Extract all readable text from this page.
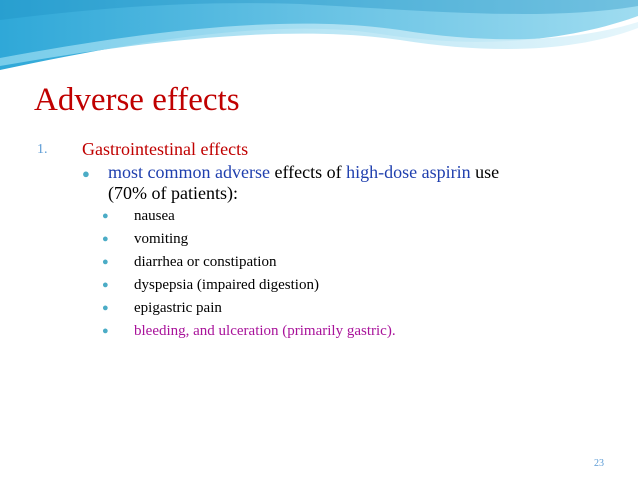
Adverse effects
1. Gastrointestinal effects
● most common adverse effects of high-dose aspirin use
(70% of patients):
● nausea
● vomiting
● diarrhea or constipation
● dyspepsia (impaired digestion)
● epigastric pain
● bleeding, and ulceration (primarily gastric).
23
